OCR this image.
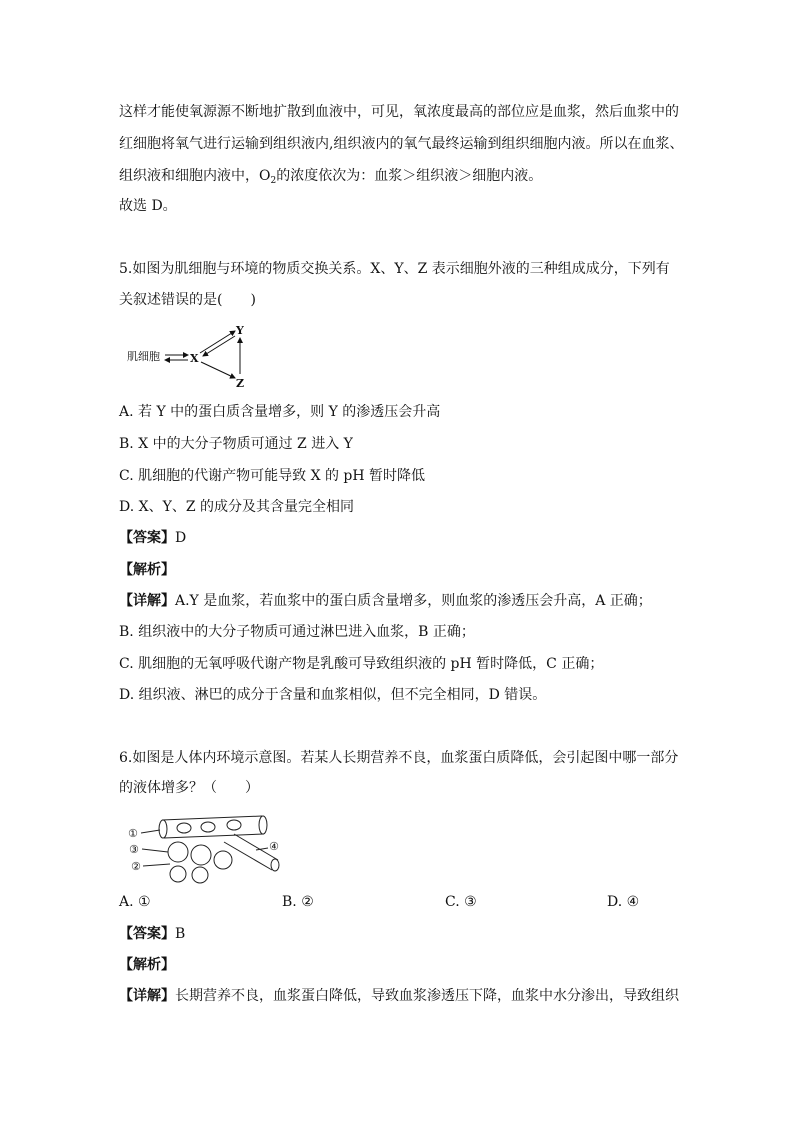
这样才能使氧源源不断地扩散到血液中，可见，氧浓度最高的部位应是血浆，然后血浆中的
红细胞将氧气进行运输到组织液内,组织液内的氧气最终运输到组织细胞内液。所以在血浆、
组织液和细胞内液中，$O_2$的浓度依次为：血浆＞组织液＞细胞内液。
故选 D。
5.如图为肌细胞与环境的物质交换关系。X、Y、Z 表示细胞外液的三种组成成分，下列有
关叙述错误的是(　　)
肌细胞	X
Y
Z
A. 若 Y 中的蛋白质含量增多，则 Y 的渗透压会升高
B. X 中的大分子物质可通过 Z 进入 Y
C. 肌细胞的代谢产物可能导致 X 的 pH 暂时降低
D. X、Y、Z 的成分及其含量完全相同
【答案】D
【解析】
【详解】A.Y 是血浆，若血浆中的蛋白质含量增多，则血浆的渗透压会升高，A 正确；
B. 组织液中的大分子物质可通过淋巴进入血浆，B 正确；
C. 肌细胞的无氧呼吸代谢产物是乳酸可导致组织液的 pH 暂时降低，C 正确；
D. 组织液、淋巴的成分于含量和血浆相似，但不完全相同，D 错误。
6.如图是人体内环境示意图。若某人长期营养不良，血浆蛋白质降低，会引起图中哪一部分
的液体增多？（　　）
①
③
②
④
A. ①	B. ②	C. ③	D. ④
【答案】B
【解析】
【详解】长期营养不良，血浆蛋白降低，导致血浆渗透压下降，血浆中水分渗出，导致组织
